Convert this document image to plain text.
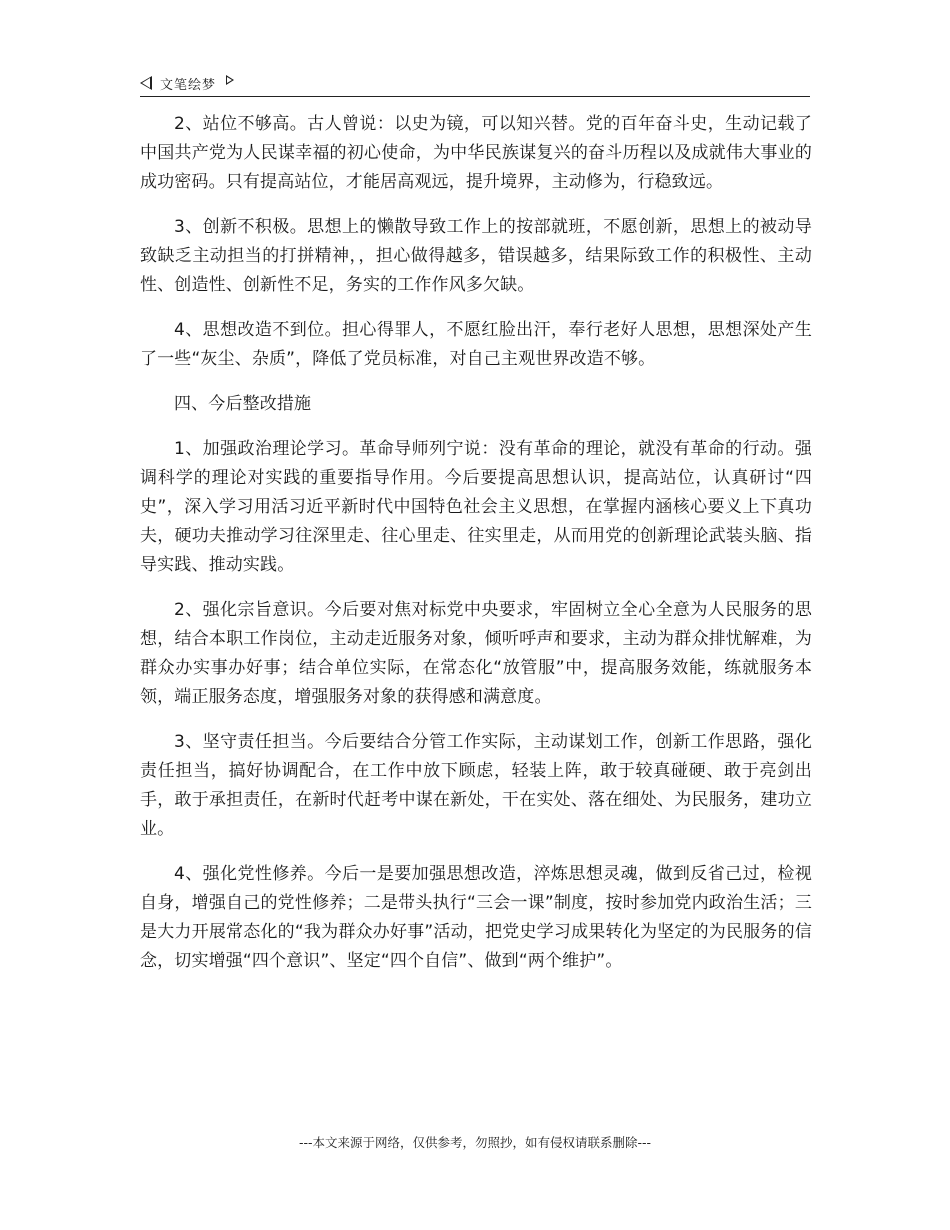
文笔绘梦

2、站位不够高。古人曾说：以史为镜，可以知兴替。党的百年奋斗史，生动记载了中国共产党为人民谋幸福的初心使命，为中华民族谋复兴的奋斗历程以及成就伟大事业的成功密码。只有提高站位，才能居高观远，提升境界，主动修为，行稳致远。

3、创新不积极。思想上的懒散导致工作上的按部就班，不愿创新，思想上的被动导致缺乏主动担当的打拼精神，，担心做得越多，错误越多，结果际致工作的积极性、主动性、创造性、创新性不足，务实的工作作风多欠缺。

4、思想改造不到位。担心得罪人，不愿红脸出汗，奉行老好人思想，思想深处产生了一些“灰尘、杂质”，降低了党员标准，对自己主观世界改造不够。

四、今后整改措施

1、加强政治理论学习。革命导师列宁说：没有革命的理论，就没有革命的行动。强调科学的理论对实践的重要指导作用。今后要提高思想认识，提高站位，认真研讨“四史”，深入学习用活习近平新时代中国特色社会主义思想，在掌握内涵核心要义上下真功夫，硬功夫推动学习往深里走、往心里走、往实里走，从而用党的创新理论武装头脑、指导实践、推动实践。

2、强化宗旨意识。今后要对焦对标党中央要求，牢固树立全心全意为人民服务的思想，结合本职工作岗位，主动走近服务对象，倾听呼声和要求，主动为群众排忧解难，为群众办实事办好事；结合单位实际，在常态化“放管服”中，提高服务效能，练就服务本领，端正服务态度，增强服务对象的获得感和满意度。

3、坚守责任担当。今后要结合分管工作实际，主动谋划工作，创新工作思路，强化责任担当，搞好协调配合，在工作中放下顾虑，轻装上阵，敢于较真碰硬、敢于亮剑出手，敢于承担责任，在新时代赶考中谋在新处，干在实处、落在细处、为民服务，建功立业。

4、强化党性修养。今后一是要加强思想改造，淬炼思想灵魂，做到反省己过，检视自身，增强自己的党性修养；二是带头执行“三会一课”制度，按时参加党内政治生活；三是大力开展常态化的“我为群众办好事”活动，把党史学习成果转化为坚定的为民服务的信念，切实增强“四个意识”、坚定“四个自信”、做到“两个维护”。

---本文来源于网络，仅供参考，勿照抄，如有侵权请联系删除---
